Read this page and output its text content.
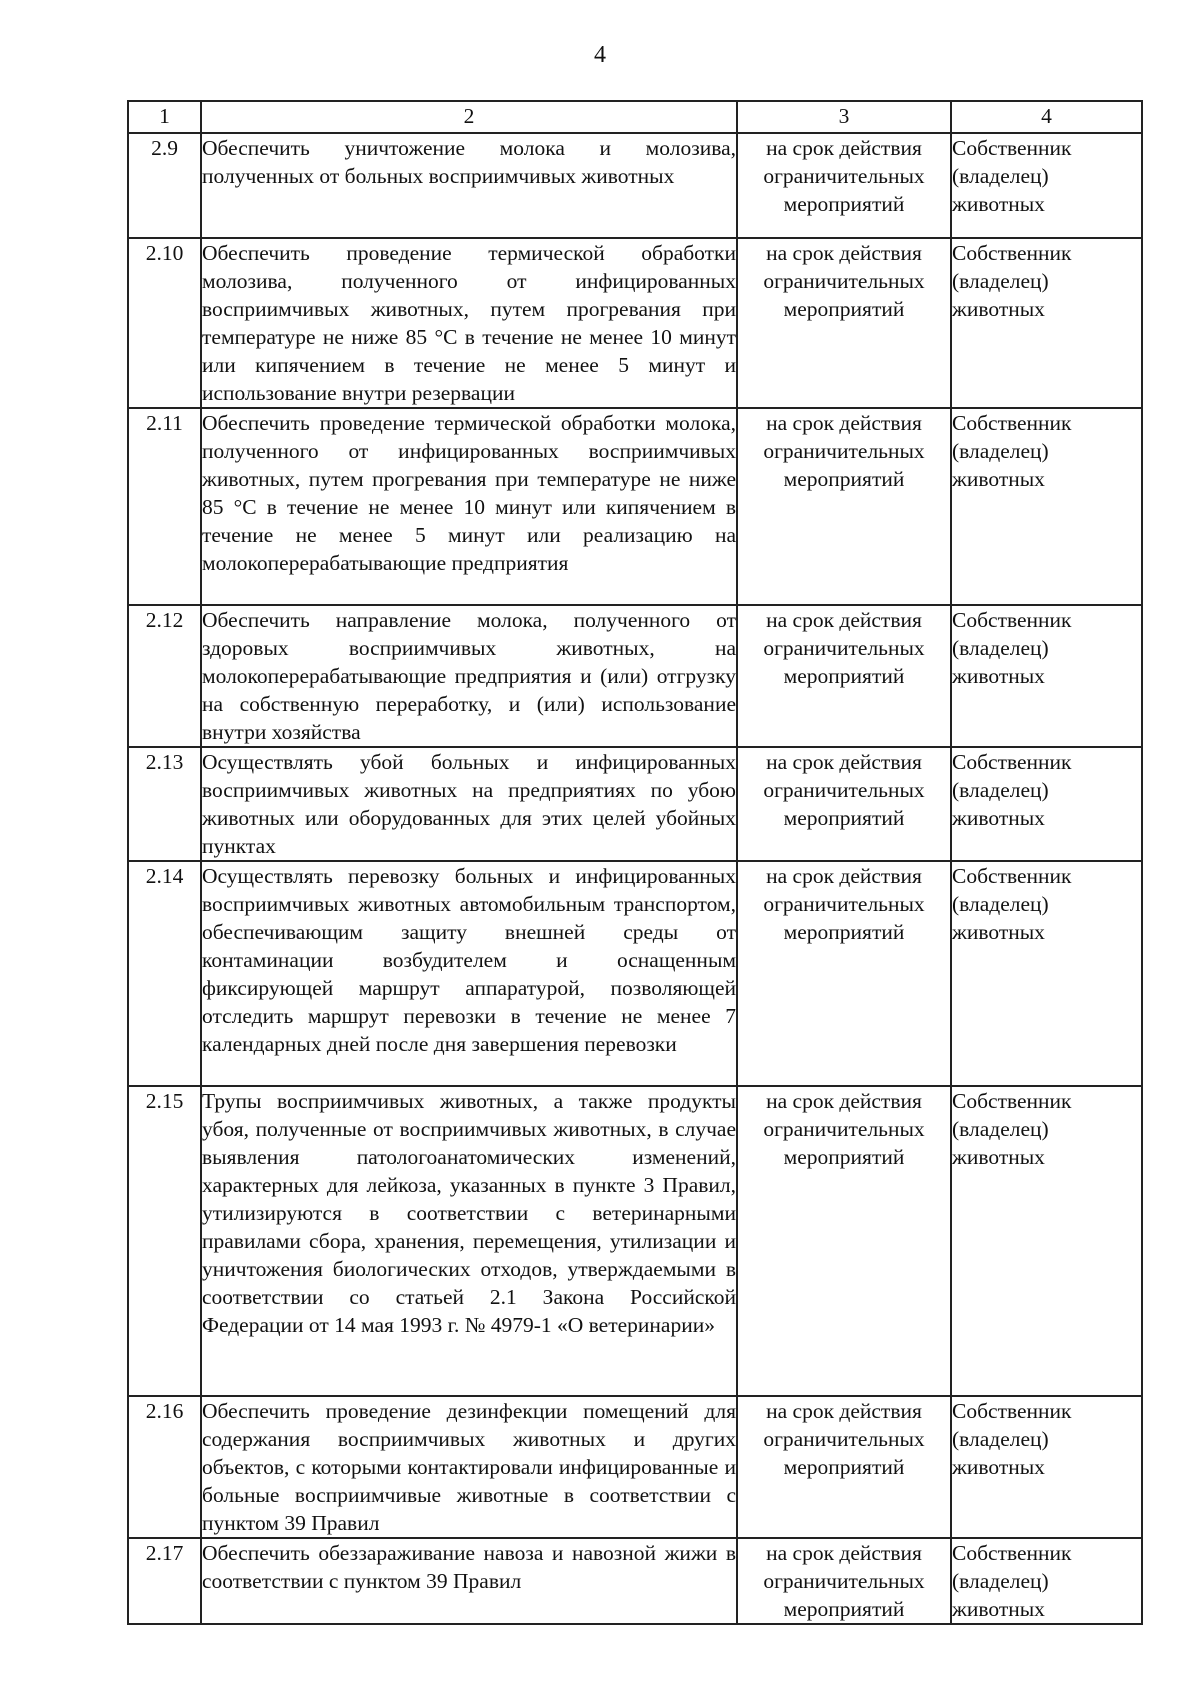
4
1	2	3	4
2.9	Обеспечить уничтожение молока и молозива, полученных от больных восприимчивых животных	на срок действия ограничительных мероприятий	Собственник (владелец) животных
2.10	Обеспечить проведение термической обработки молозива, полученного от инфицированных восприимчивых животных, путем прогревания при температуре не ниже 85 °С в течение не менее 10 минут или кипячением в течение не менее 5 минут и использование внутри резервации	на срок действия ограничительных мероприятий	Собственник (владелец) животных
2.11	Обеспечить проведение термической обработки молока, полученного от инфицированных восприимчивых животных, путем прогревания при температуре не ниже 85 °С в течение не менее 10 минут или кипячением в течение не менее 5 минут или реализацию на молокоперерабатывающие предприятия	на срок действия ограничительных мероприятий	Собственник (владелец) животных
2.12	Обеспечить направление молока, полученного от здоровых восприимчивых животных, на молокоперерабатывающие предприятия и (или) отгрузку на собственную переработку, и (или) использование внутри хозяйства	на срок действия ограничительных мероприятий	Собственник (владелец) животных
2.13	Осуществлять убой больных и инфицированных восприимчивых животных на предприятиях по убою животных или оборудованных для этих целей убойных пунктах	на срок действия ограничительных мероприятий	Собственник (владелец) животных
2.14	Осуществлять перевозку больных и инфицированных восприимчивых животных автомобильным транспортом, обеспечивающим защиту внешней среды от контаминации возбудителем и оснащенным фиксирующей маршрут аппаратурой, позволяющей отследить маршрут перевозки в течение не менее 7 календарных дней после дня завершения перевозки	на срок действия ограничительных мероприятий	Собственник (владелец) животных
2.15	Трупы восприимчивых животных, а также продукты убоя, полученные от восприимчивых животных, в случае выявления патологоанатомических изменений, характерных для лейкоза, указанных в пункте 3 Правил, утилизируются в соответствии с ветеринарными правилами сбора, хранения, перемещения, утилизации и уничтожения биологических отходов, утверждаемыми в соответствии со статьей 2.1 Закона Российской Федерации от 14 мая 1993 г. № 4979-1 «О ветеринарии»	на срок действия ограничительных мероприятий	Собственник (владелец) животных
2.16	Обеспечить проведение дезинфекции помещений для содержания восприимчивых животных и других объектов, с которыми контактировали инфицированные и больные восприимчивые животные в соответствии с пунктом 39 Правил	на срок действия ограничительных мероприятий	Собственник (владелец) животных
2.17	Обеспечить обеззараживание навоза и навозной жижи в соответствии с пунктом 39 Правил	на срок действия ограничительных мероприятий	Собственник (владелец) животных
